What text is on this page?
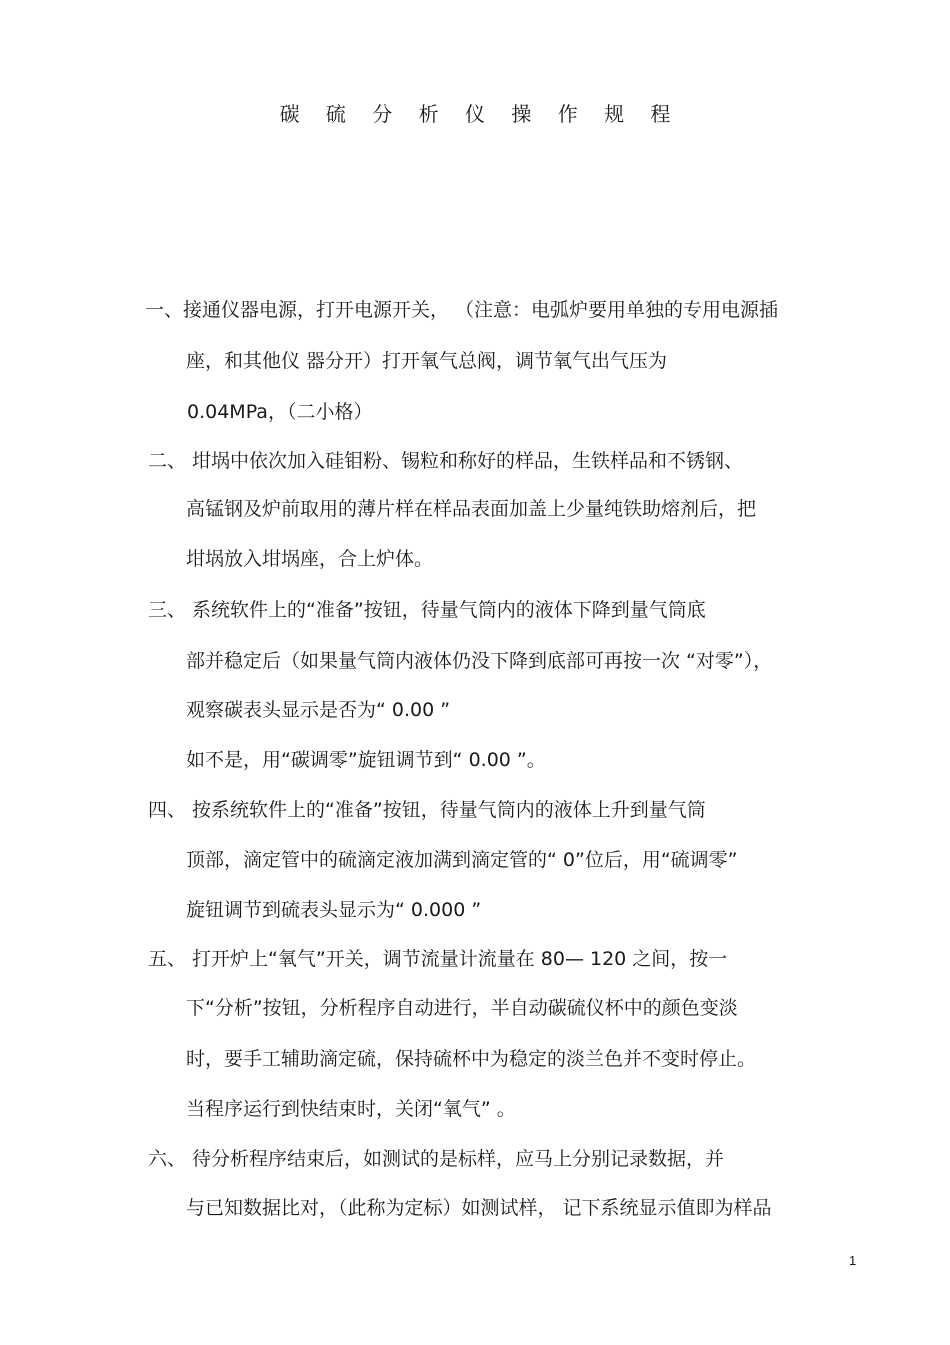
碳 硫 分 析 仪 操 作 规 程
一、接通仪器电源，打开电源开关， （注意：电弧炉要用单独的专用电源插
座，和其他仪 器分开）打开氧气总阀，调节氧气出气压为
0.04MPa，（二小格）
二、 坩埚中依次加入硅钼粉、锡粒和称好的样品，生铁样品和不锈钢、
高锰钢及炉前取用的薄片样在样品表面加盖上少量纯铁助熔剂后，把
坩埚放入坩埚座，合上炉体。
三、 系统软件上的“准备”按钮，待量气筒内的液体下降到量气筒底
部并稳定后（如果量气筒内液体仍没下降到底部可再按一次 “对零”），
观察碳表头显示是否为“ 0.00 ”
如不是，用“碳调零”旋钮调节到“ 0.00 ”。
四、 按系统软件上的“准备”按钮，待量气筒内的液体上升到量气筒
顶部，滴定管中的硫滴定液加满到滴定管的“ 0”位后，用“硫调零”
旋钮调节到硫表头显示为“ 0.000 ”
五、 打开炉上“氧气”开关，调节流量计流量在 80— 120 之间，按一
下“分析”按钮，分析程序自动进行，半自动碳硫仪杯中的颜色变淡
时，要手工辅助滴定硫，保持硫杯中为稳定的淡兰色并不变时停止。
当程序运行到快结束时，关闭“氧气” 。
六、 待分析程序结束后，如测试的是标样，应马上分别记录数据，并
与已知数据比对，（此称为定标）如测试样， 记下系统显示值即为样品
1
